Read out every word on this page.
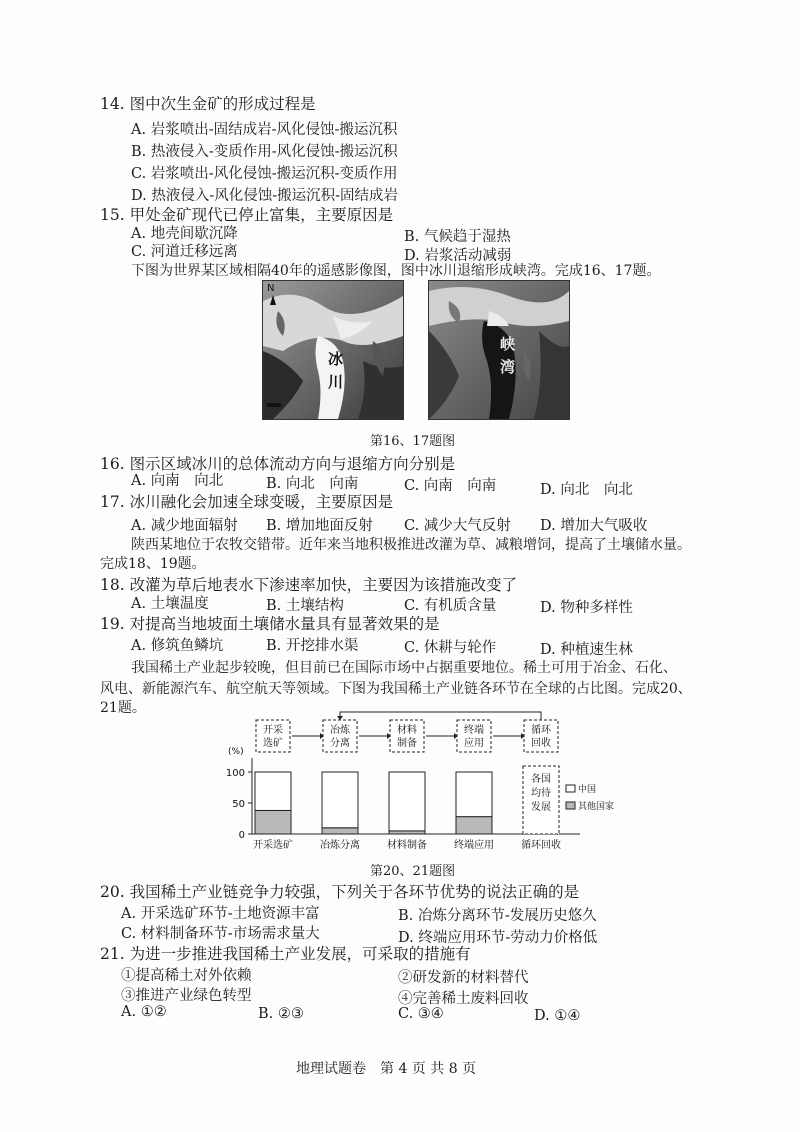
14. 图中次生金矿的形成过程是
A. 岩浆喷出-固结成岩-风化侵蚀-搬运沉积
B. 热液侵入-变质作用-风化侵蚀-搬运沉积
C. 岩浆喷出-风化侵蚀-搬运沉积-变质作用
D. 热液侵入-风化侵蚀-搬运沉积-固结成岩
15. 甲处金矿现代已停止富集，主要原因是
A. 地壳间歇沉降	B. 气候趋于湿热
C. 河道迁移远离	D. 岩浆活动减弱
下图为世界某区域相隔40年的遥感影像图，图中冰川退缩形成峡湾。完成16、17题。
N
冰川	峡湾
第16、17题图
16. 图示区域冰川的总体流动方向与退缩方向分别是
A. 向南　向北	B. 向北　向南	C. 向南　向南	D. 向北　向北
17. 冰川融化会加速全球变暖，主要原因是
A. 减少地面辐射 B. 增加地面反射 C. 减少大气反射 D. 增加大气吸收
陕西某地位于农牧交错带。近年来当地积极推进改灌为草、减粮增饲，提高了土壤储水量。
完成18、19题。
18. 改灌为草后地表水下渗速率加快，主要因为该措施改变了
A. 土壤温度	B. 土壤结构	C. 有机质含量	D. 物种多样性
19. 对提高当地坡面土壤储水量具有显著效果的是
A. 修筑鱼鳞坑	B. 开挖排水渠	C. 休耕与轮作	D. 种植速生林
我国稀土产业起步较晚，但目前已在国际市场中占据重要地位。稀土可用于冶金、石化、
风电、新能源汽车、航空航天等领域。下图为我国稀土产业链各环节在全球的占比图。完成20、
21题。
开采
选矿
冶炼
分离
材料
制备
终端
应用
循环
回收
(%)
100
50
0
开采选矿	冶炼分离	材料制备	终端应用	循环回收
各国
均待
发展
中国
其他国家
第20、21题图
20. 我国稀土产业链竞争力较强，下列关于各环节优势的说法正确的是
A. 开采选矿环节-土地资源丰富	B. 冶炼分离环节-发展历史悠久
C. 材料制备环节-市场需求量大	D. 终端应用环节-劳动力价格低
21. 为进一步推进我国稀土产业发展，可采取的措施有
①提高稀土对外依赖	②研发新的材料替代
③推进产业绿色转型	④完善稀土废料回收
A. ①②	B. ②③	C. ③④	D. ①④
地理试题卷　第 4 页 共 8 页
